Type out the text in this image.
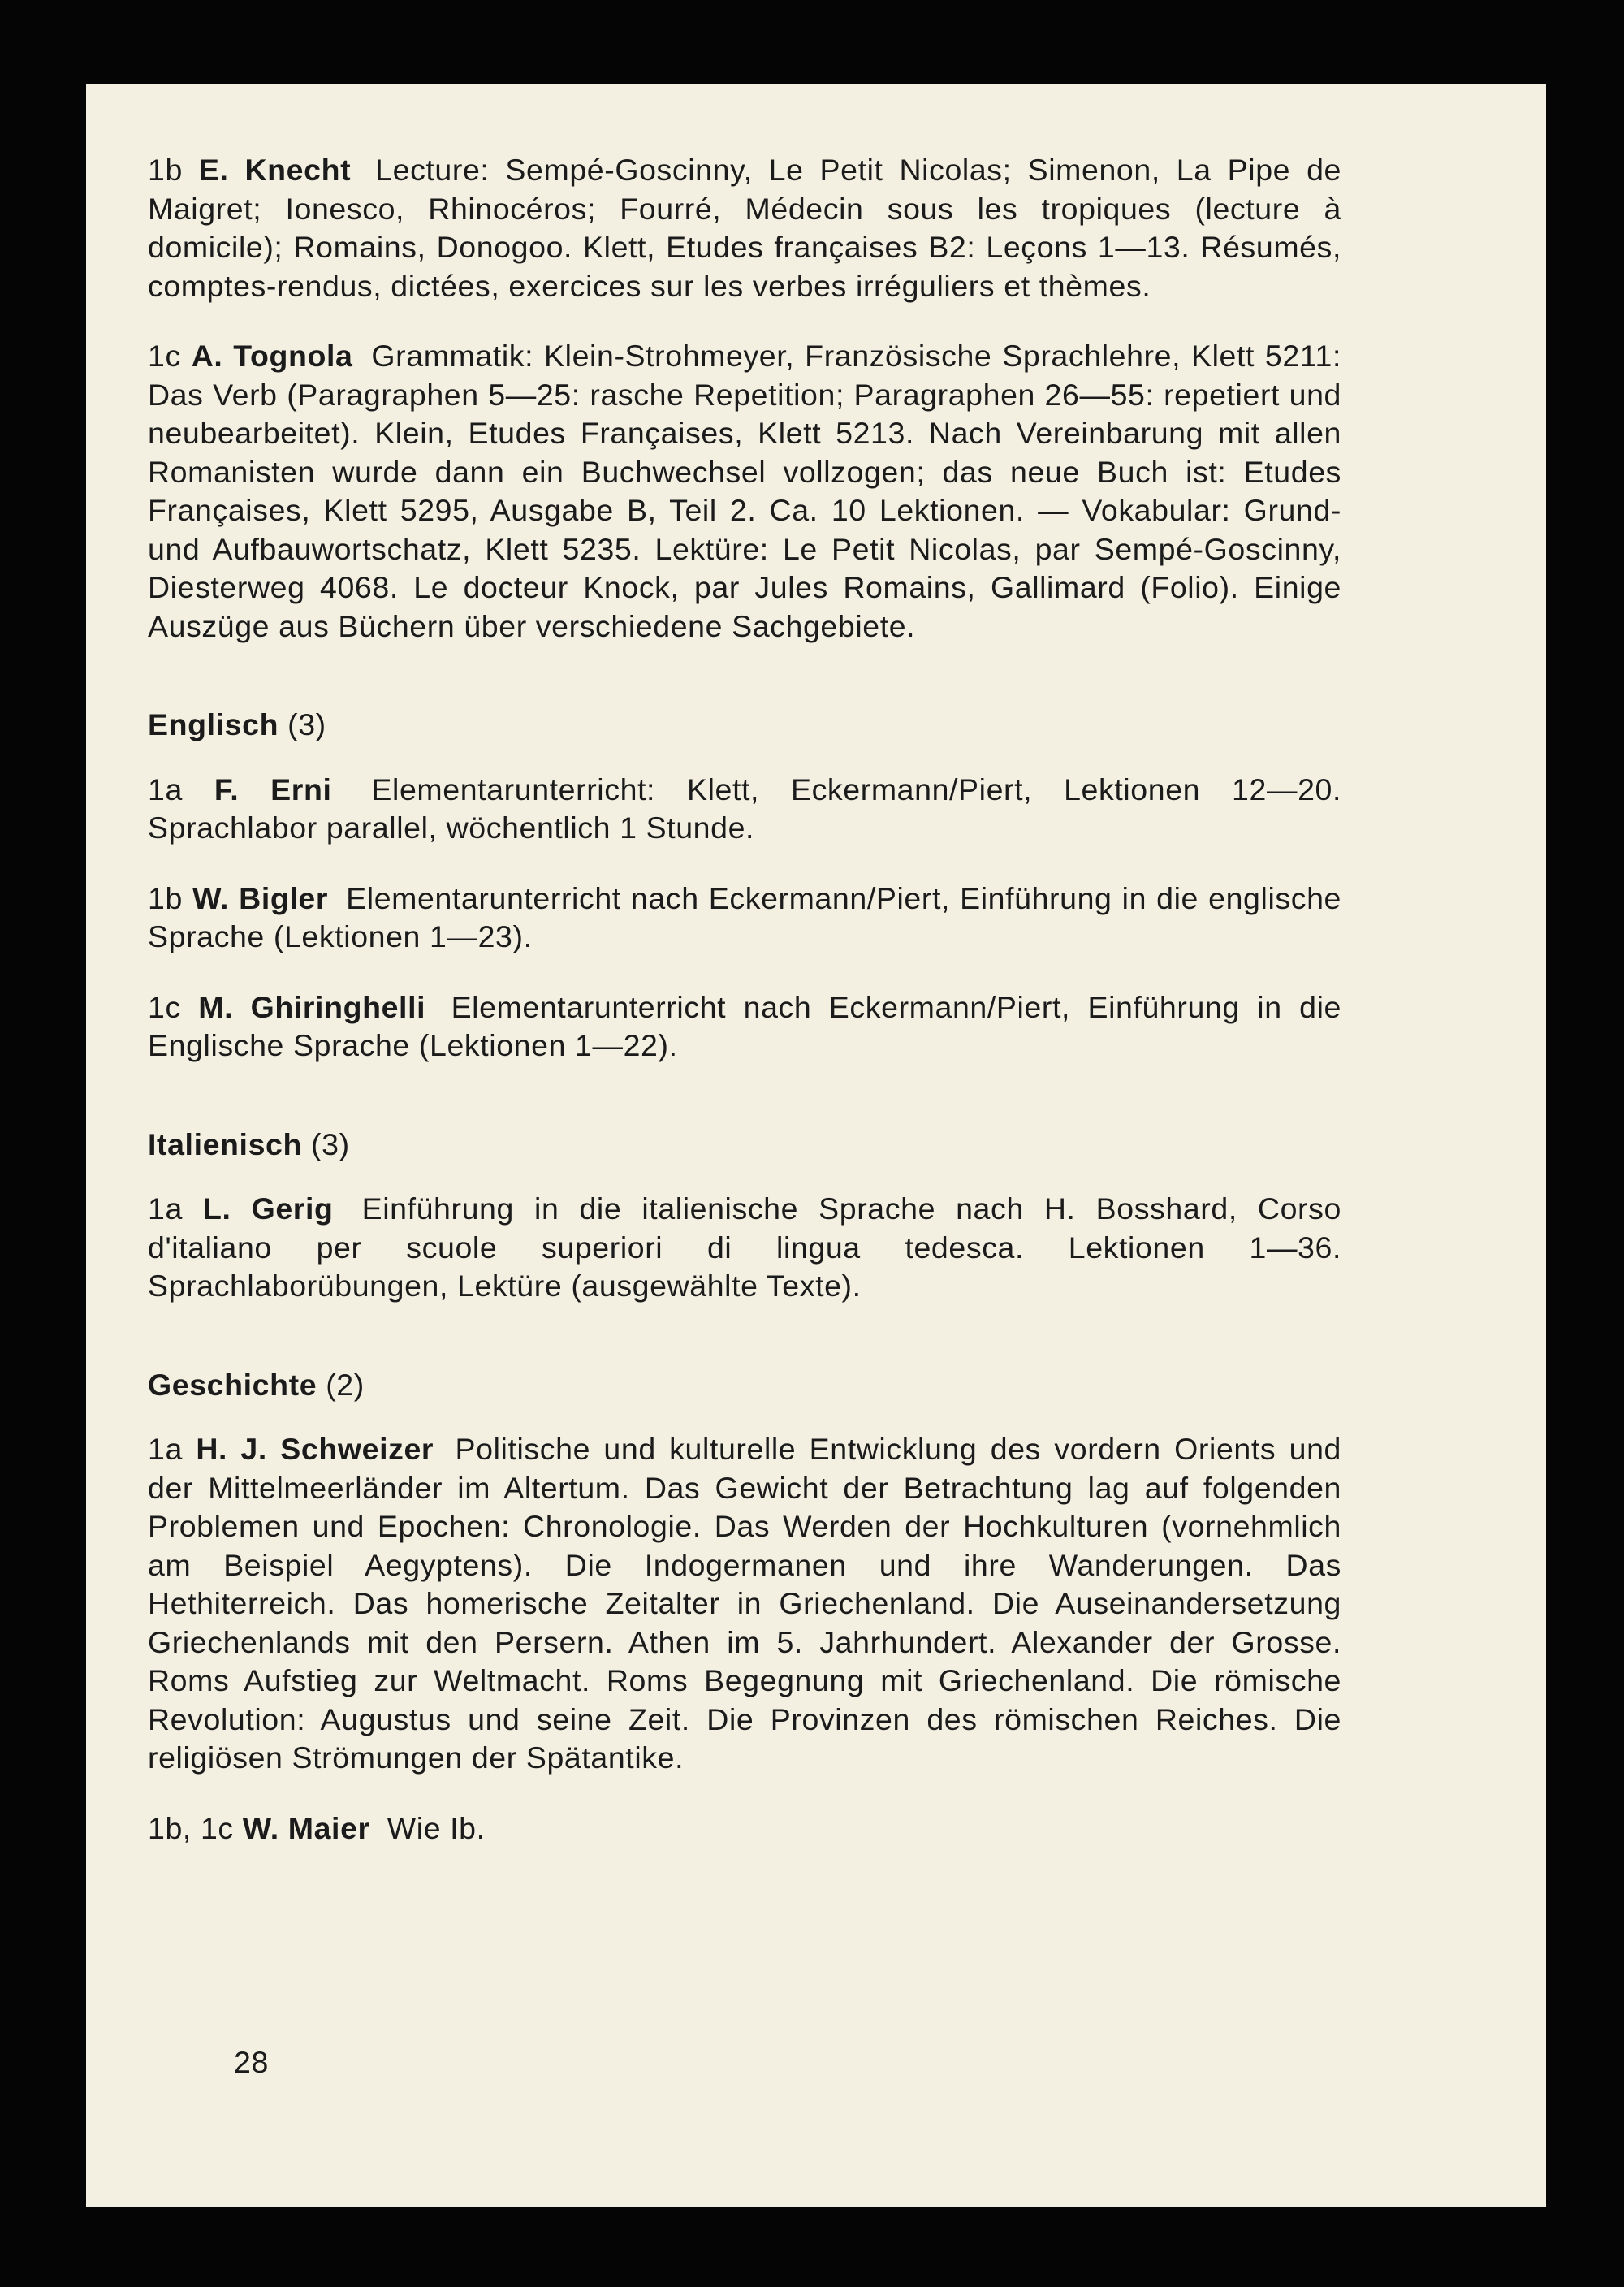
1b E. Knecht Lecture: Sempé-Goscinny, Le Petit Nicolas; Simenon, La Pipe de Maigret; Ionesco, Rhinocéros; Fourré, Médecin sous les tropiques (lecture à domicile); Romains, Donogoo. Klett, Etudes françaises B2: Leçons 1—13. Résumés, comptes-rendus, dictées, exercices sur les verbes irréguliers et thèmes.

1c A. Tognola Grammatik: Klein-Strohmeyer, Französische Sprachlehre, Klett 5211: Das Verb (Paragraphen 5—25: rasche Repetition; Paragraphen 26—55: repetiert und neubearbeitet). Klein, Etudes Françaises, Klett 5213. Nach Vereinbarung mit allen Romanisten wurde dann ein Buchwechsel vollzogen; das neue Buch ist: Etudes Françaises, Klett 5295, Ausgabe B, Teil 2. Ca. 10 Lektionen. — Vokabular: Grund- und Aufbauwortschatz, Klett 5235. Lektüre: Le Petit Nicolas, par Sempé-Goscinny, Diesterweg 4068. Le docteur Knock, par Jules Romains, Gallimard (Folio). Einige Auszüge aus Büchern über verschiedene Sachgebiete.

Englisch (3)

1a F. Erni Elementarunterricht: Klett, Eckermann/Piert, Lektionen 12—20. Sprachlabor parallel, wöchentlich 1 Stunde.

1b W. Bigler Elementarunterricht nach Eckermann/Piert, Einführung in die englische Sprache (Lektionen 1—23).

1c M. Ghiringhelli Elementarunterricht nach Eckermann/Piert, Einführung in die Englische Sprache (Lektionen 1—22).

Italienisch (3)

1a L. Gerig Einführung in die italienische Sprache nach H. Bosshard, Corso d'italiano per scuole superiori di lingua tedesca. Lektionen 1—36. Sprachlaborübungen, Lektüre (ausgewählte Texte).

Geschichte (2)

1a H. J. Schweizer Politische und kulturelle Entwicklung des vordern Orients und der Mittelmeerländer im Altertum. Das Gewicht der Betrachtung lag auf folgenden Problemen und Epochen: Chronologie. Das Werden der Hochkulturen (vornehmlich am Beispiel Aegyptens). Die Indogermanen und ihre Wanderungen. Das Hethiterreich. Das homerische Zeitalter in Griechenland. Die Auseinandersetzung Griechenlands mit den Persern. Athen im 5. Jahrhundert. Alexander der Grosse. Roms Aufstieg zur Weltmacht. Roms Begegnung mit Griechenland. Die römische Revolution: Augustus und seine Zeit. Die Provinzen des römischen Reiches. Die religiösen Strömungen der Spätantike.

1b, 1c W. Maier Wie Ib.

28
